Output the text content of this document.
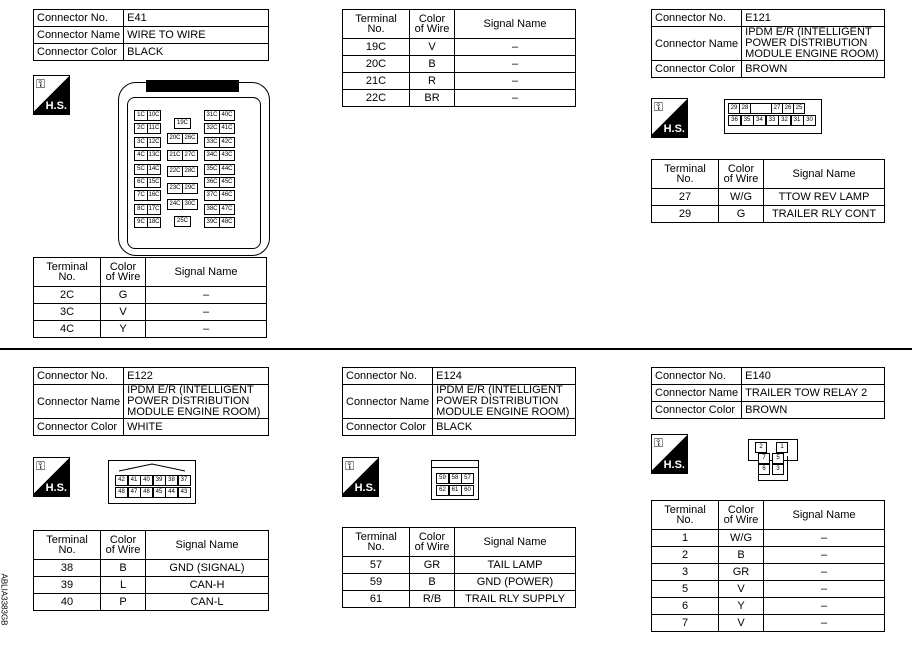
Connector No.	E41
Connector Name	WIRE TO WIRE
Connector Color	BLACK
⚿
H.S.
1C 10C
2C 11C
3C 12C
4C 13C
5C 14C
6C 15C
7C 16C
8C 17C
9C 18C
19C
20C 26C
21C 27C
22C 28C
23C 29C
24C 30C
25C
31C 40C
32C 41C
33C 42C
34C 43C
35C 44C
36C 45C
37C 46C
38C 47C
39C 48C
Terminal No.	Color of Wire	Signal Name
2C	G	–
3C	V	–
4C	Y	–
Terminal No.	Color of Wire	Signal Name
19C	V	–
20C	B	–
21C	R	–
22C	BR	–
Connector No.	E121
Connector Name	IPDM E/R (INTELLIGENT POWER DISTRIBUTION MODULE ENGINE ROOM)
Connector Color	BROWN
⚿
H.S.
29 28	27 26 25
36 35 34 33 32 31 30
Terminal No.	Color of Wire	Signal Name
27	W/G	TTOW REV LAMP
29	G	TRAILER RLY CONT
Connector No.	E122
Connector Name	IPDM E/R (INTELLIGENT POWER DISTRIBUTION MODULE ENGINE ROOM)
Connector Color	WHITE
⚿
H.S.
42 41 40 39 38 37
48 47 46 45 44 43
Terminal No.	Color of Wire	Signal Name
38	B	GND (SIGNAL)
39	L	CAN-H
40	P	CAN-L
Connector No.	E124
Connector Name	IPDM E/R (INTELLIGENT POWER DISTRIBUTION MODULE ENGINE ROOM)
Connector Color	BLACK
⚿
H.S.
59 58 57
62 61 60
Terminal No.	Color of Wire	Signal Name
57	GR	TAIL LAMP
59	B	GND (POWER)
61	R/B	TRAIL RLY SUPPLY
Connector No.	E140
Connector Name	TRAILER TOW RELAY 2
Connector Color	BROWN
⚿
H.S.
2	1
7	5
6	3
Terminal No.	Color of Wire	Signal Name
1	W/G	–
2	B	–
3	GR	–
5	V	–
6	Y	–
7	V	–
ABLIA3383GB
